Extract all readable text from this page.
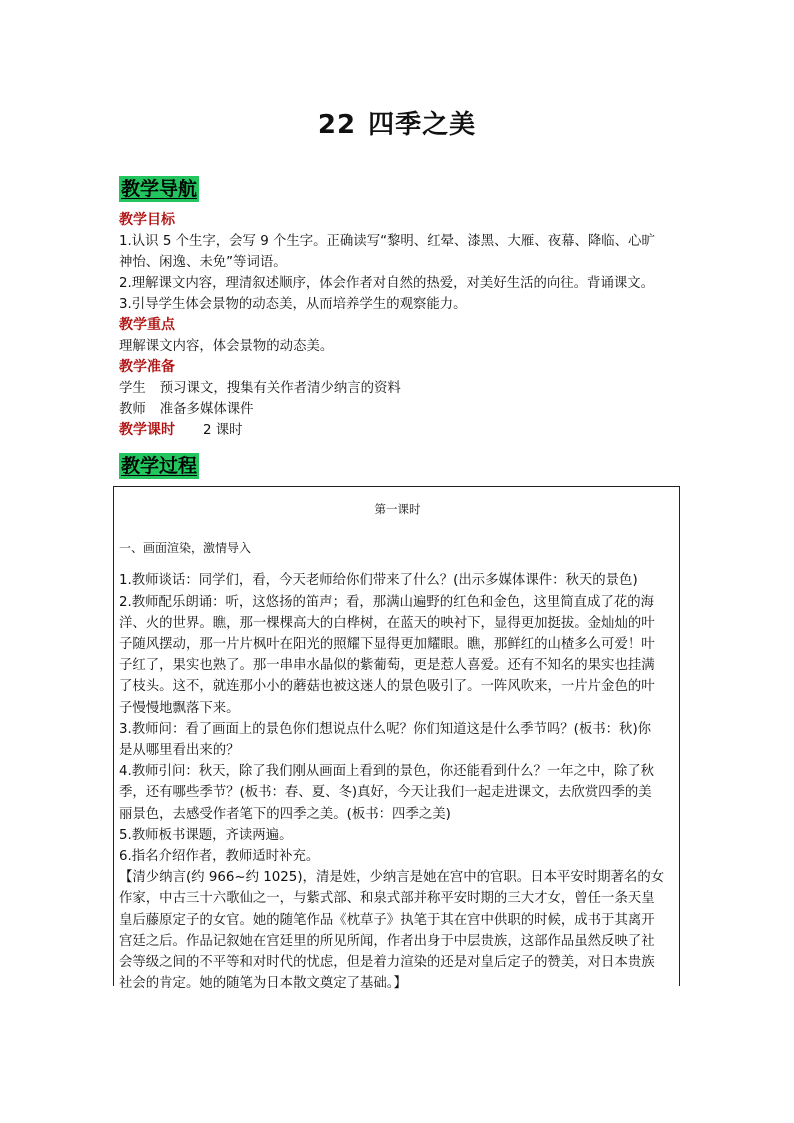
22 四季之美
教学导航
教学目标
1.认识 5 个生字，会写 9 个生字。正确读写“黎明、红晕、漆黑、大雁、夜幕、降临、心旷
神怡、闲逸、未免”等词语。
2.理解课文内容，理清叙述顺序，体会作者对自然的热爱，对美好生活的向往。背诵课文。
3.引导学生体会景物的动态美，从而培养学生的观察能力。
教学重点
理解课文内容，体会景物的动态美。
教学准备
学生 预习课文，搜集有关作者清少纳言的资料
教师 准备多媒体课件
教学课时 2 课时
教学过程
第一课时
一、画面渲染，激情导入
1.教师谈话：同学们，看，今天老师给你们带来了什么？(出示多媒体课件：秋天的景色)
2.教师配乐朗诵：听，这悠扬的笛声；看，那满山遍野的红色和金色，这里简直成了花的海
洋、火的世界。瞧，那一棵棵高大的白桦树，在蓝天的映衬下，显得更加挺拔。金灿灿的叶
子随风摆动，那一片片枫叶在阳光的照耀下显得更加耀眼。瞧，那鲜红的山楂多么可爱！叶
子红了，果实也熟了。那一串串水晶似的紫葡萄，更是惹人喜爱。还有不知名的果实也挂满
了枝头。这不，就连那小小的蘑菇也被这迷人的景色吸引了。一阵风吹来，一片片金色的叶
子慢慢地飘落下来。
3.教师问：看了画面上的景色你们想说点什么呢？你们知道这是什么季节吗？(板书：秋)你
是从哪里看出来的？
4.教师引问：秋天，除了我们刚从画面上看到的景色，你还能看到什么？一年之中，除了秋
季，还有哪些季节？(板书：春、夏、冬)真好，今天让我们一起走进课文，去欣赏四季的美
丽景色，去感受作者笔下的四季之美。(板书：四季之美)
5.教师板书课题，齐读两遍。
6.指名介绍作者，教师适时补充。
【清少纳言(约 966~约 1025)，清是姓，少纳言是她在宫中的官职。日本平安时期著名的女
作家，中古三十六歌仙之一，与紫式部、和泉式部并称平安时期的三大才女，曾任一条天皇
皇后藤原定子的女官。她的随笔作品《枕草子》执笔于其在宫中供职的时候，成书于其离开
宫廷之后。作品记叙她在宫廷里的所见所闻，作者出身于中层贵族，这部作品虽然反映了社
会等级之间的不平等和对时代的忧虑，但是着力渲染的还是对皇后定子的赞美，对日本贵族
社会的肯定。她的随笔为日本散文奠定了基础。】
